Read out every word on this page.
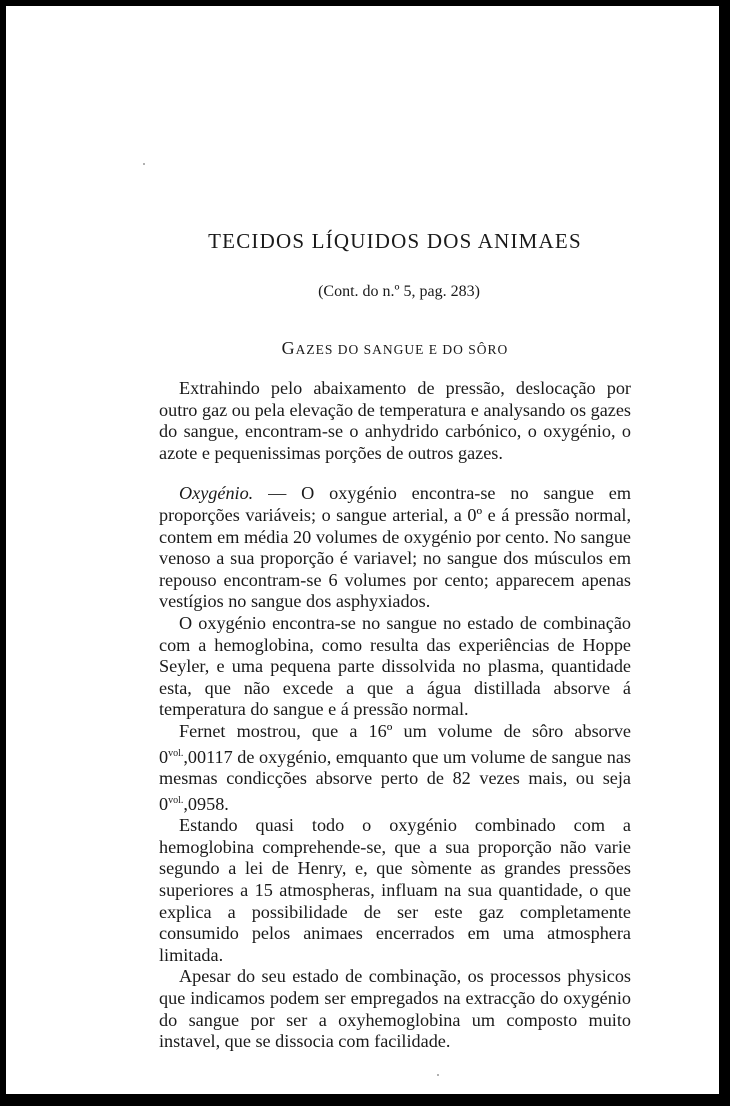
TECIDOS LÍQUIDOS DOS ANIMAES
(Cont. do n.º 5, pag. 283)
GAZES DO SANGUE E DO SÔRO

Extrahindo pelo abaixamento de pressão, deslocação por outro gaz ou pela elevação de temperatura e analysando os gazes do sangue, encontram-se o anhydrido carbónico, o oxygénio, o azote e pequenissimas porções de outros gazes.

Oxygénio. — O oxygénio encontra-se no sangue em proporções variáveis; o sangue arterial, a 0º e á pressão normal, contem em média 20 volumes de oxygénio por cento. No sangue venoso a sua proporção é variavel; no sangue dos músculos em repouso encontram-se 6 volumes por cento; apparecem apenas vestígios no sangue dos asphyxiados.

O oxygénio encontra-se no sangue no estado de combinação com a hemoglobina, como resulta das experiências de Hoppe Seyler, e uma pequena parte dissolvida no plasma, quantidade esta, que não excede a que a água distillada absorve á temperatura do sangue e á pressão normal.

Fernet mostrou, que a 16º um volume de sôro absorve $0^{vol.},00117$ de oxygénio, emquanto que um volume de sangue nas mesmas condicções absorve perto de 82 vezes mais, ou seja $0^{vol.},0958$.

Estando quasi todo o oxygénio combinado com a hemoglobina comprehende-se, que a sua proporção não varie segundo a lei de Henry, e, que sòmente as grandes pressões superiores a 15 atmospheras, influam na sua quantidade, o que explica a possibilidade de ser este gaz completamente consumido pelos animaes encerrados em uma atmosphera limitada.

Apesar do seu estado de combinação, os processos physicos que indicamos podem ser empregados na extracção do oxygénio do sangue por ser a oxyhemoglobina um composto muito instavel, que se dissocia com facilidade.
